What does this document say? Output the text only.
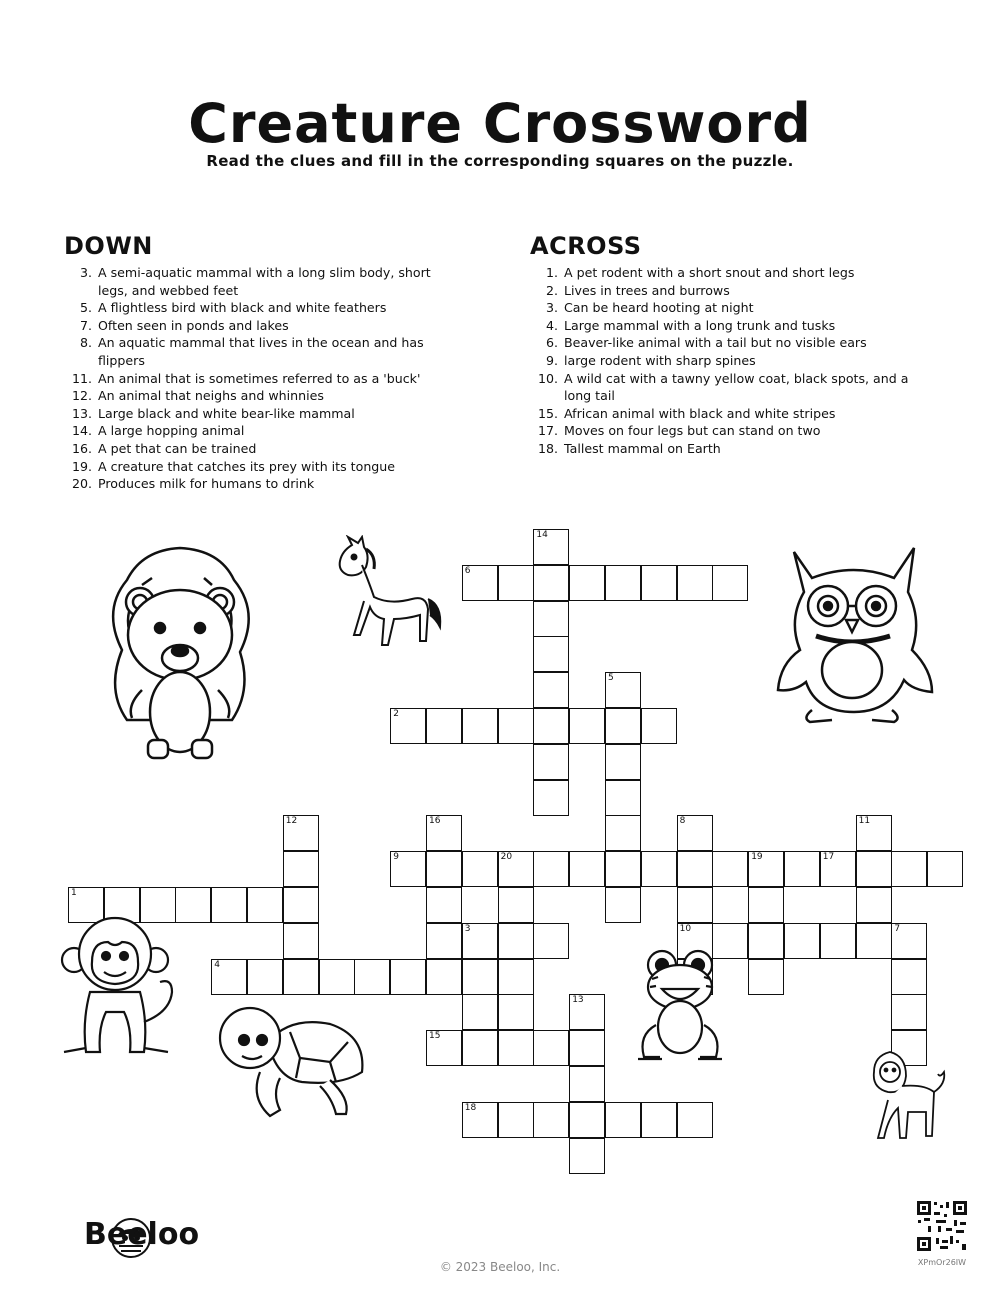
Creature Crossword

Read the clues and fill in the corresponding squares on the puzzle.

DOWN
3. A semi-aquatic mammal with a long slim body, short legs, and webbed feet
5. A flightless bird with black and white feathers
7. Often seen in ponds and lakes
8. An aquatic mammal that lives in the ocean and has flippers
11. An animal that is sometimes referred to as a 'buck'
12. An animal that neighs and whinnies
13. Large black and white bear-like mammal
14. A large hopping animal
16. A pet that can be trained
19. A creature that catches its prey with its tongue
20. Produces milk for humans to drink
ACROSS
1. A pet rodent with a short snout and short legs
2. Lives in trees and burrows
3. Can be heard hooting at night
4. Large mammal with a long trunk and tusks
6. Beaver-like animal with a tail but no visible ears
9. large rodent with sharp spines
10. A wild cat with a tawny yellow coat, black spots, and a long tail
15. African animal with black and white stripes
17. Moves on four legs but can stand on two
18. Tallest mammal on Earth
14
6
5
2
12	16	8
10
11
9	20	19	17
1
3	7
4
13
15
18
Beeloo
© 2023 Beeloo, Inc.	XPmOr26IW
